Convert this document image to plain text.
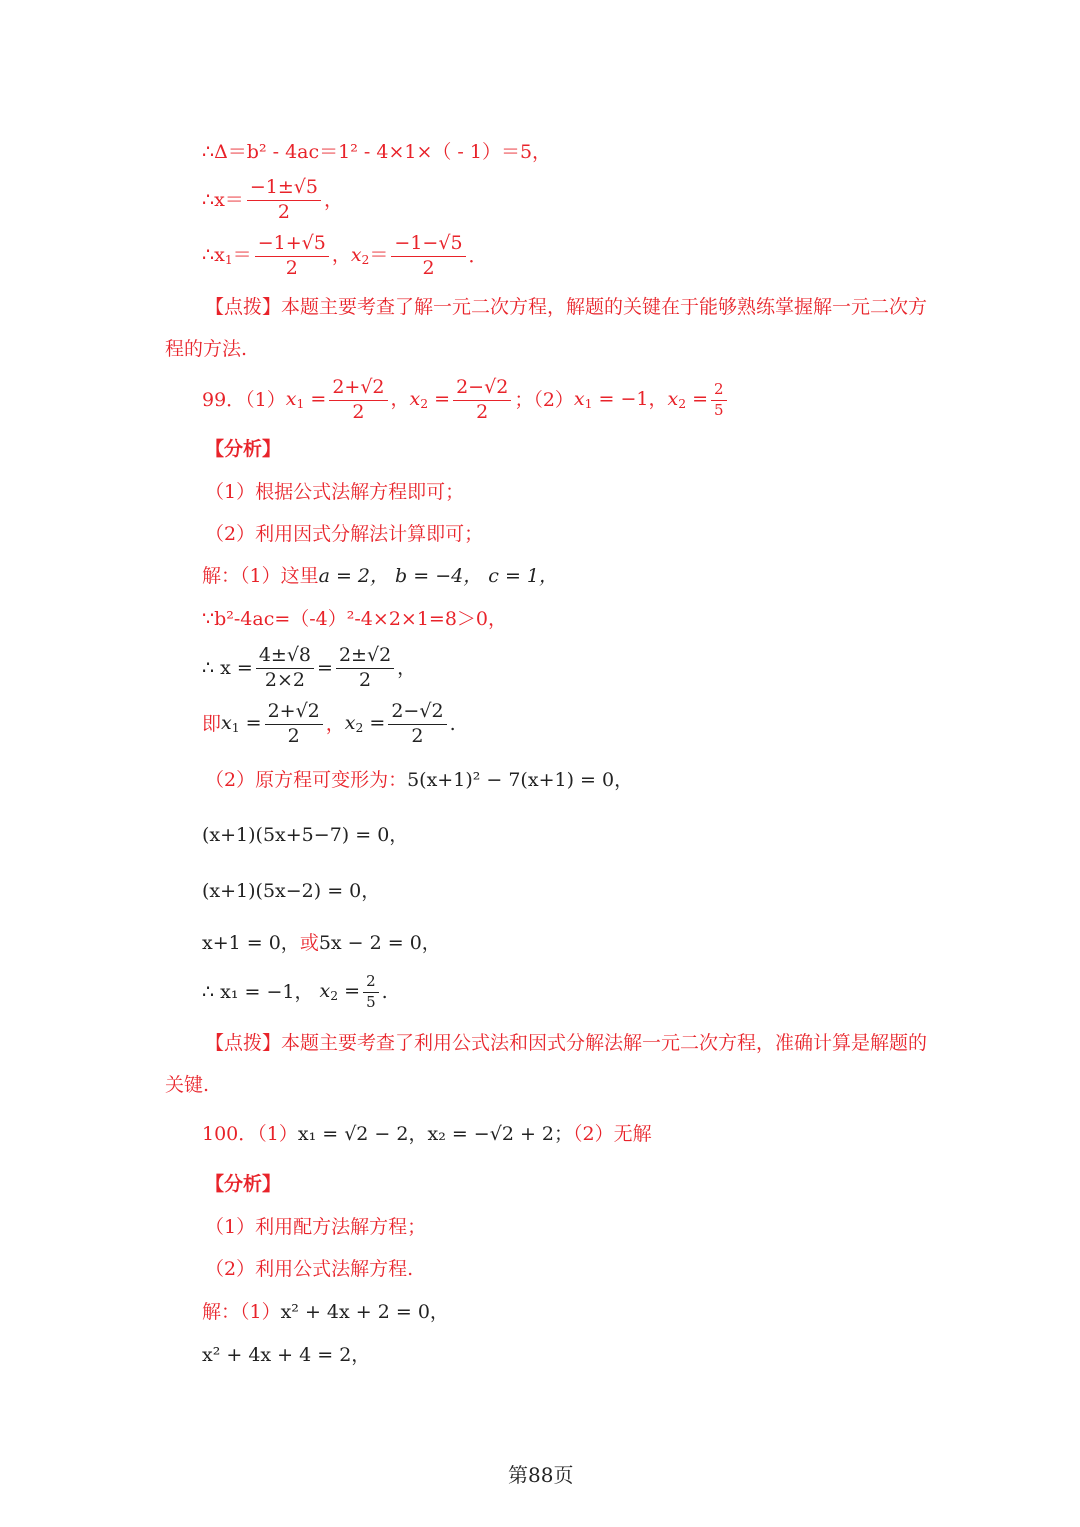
∴Δ＝b² - 4ac＝1² - 4×1×（ - 1）＝5，
∴x＝ $\frac{-1\pm√5}{2}$ ，
$\therefore x_1= \frac{-1+√5}{2}$ ，$x_2= \frac{-1-√5}{2}$ ．
【点拨】本题主要考查了解一元二次方程，解题的关键在于能够熟练掌握解一元二次方
程的方法.
99．$(1)x_1 = \frac{2+√2}{2}$ ，$x_2 = \frac{2-√2}{2}$ ；$(2)x_1 = -1$，$x_2 = \frac{2}{5}$
【分析】
（1）根据公式法解方程即可；
（2）利用因式分解法计算即可；
解：（1）这里a = 2， b = −4， c = 1，
∵b²-4ac=（-4）²-4×2×1=8＞0，
∴ $x = \frac{4\pm√8}{2\times 2} = \frac{2\pm√2}{2}$ ，
即$x_1 = \frac{2+√2}{2}$ ，$x_2 = \frac{2-√2}{2}$ .
（2）原方程可变形为：5(x+1)² − 7(x+1) = 0，
(x+1)(5x+5−7) = 0，
(x+1)(5x−2) = 0，
x+1 = 0，或5x − 2 = 0，
∴ x₁ = −1， $x_2 = \frac{2}{5}$ .
【点拨】本题主要考查了利用公式法和因式分解法解一元二次方程，准确计算是解题的
关键.
100．（1）x₁ = √2 − 2，x₂ = −√2 + 2；（2）无解
【分析】
（1）利用配方法解方程；
（2）利用公式法解方程.
解：（1）x² + 4x + 2 = 0，
x² + 4x + 4 = 2，
第88页
